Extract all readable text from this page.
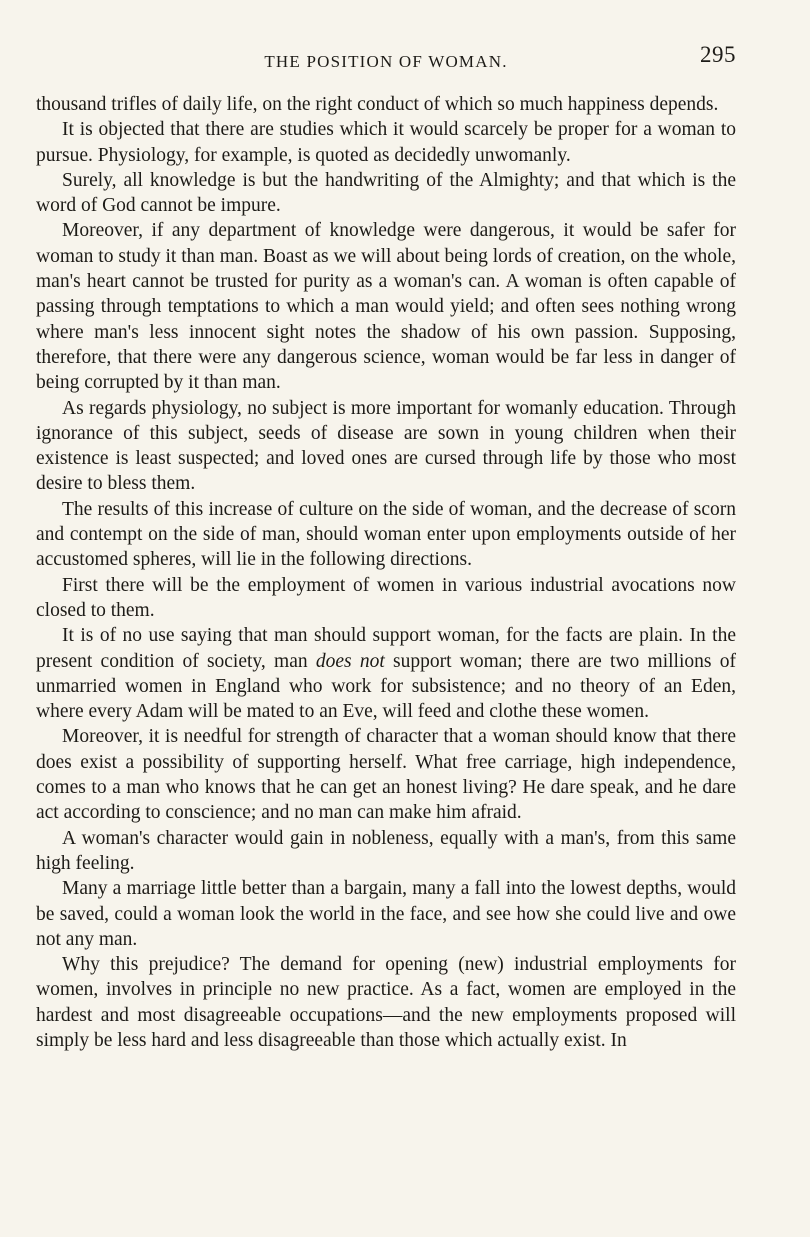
THE POSITION OF WOMAN.	295

thousand trifles of daily life, on the right conduct of which so much happiness depends.

It is objected that there are studies which it would scarcely be proper for a woman to pursue. Physiology, for example, is quoted as decidedly unwomanly.

Surely, all knowledge is but the handwriting of the Almighty; and that which is the word of God cannot be impure.

Moreover, if any department of knowledge were dangerous, it would be safer for woman to study it than man. Boast as we will about being lords of creation, on the whole, man's heart cannot be trusted for purity as a woman's can. A woman is often capable of passing through temptations to which a man would yield; and often sees nothing wrong where man's less innocent sight notes the shadow of his own passion. Supposing, therefore, that there were any dangerous science, woman would be far less in danger of being corrupted by it than man.

As regards physiology, no subject is more important for womanly education. Through ignorance of this subject, seeds of disease are sown in young children when their existence is least suspected; and loved ones are cursed through life by those who most desire to bless them.

The results of this increase of culture on the side of woman, and the decrease of scorn and contempt on the side of man, should woman enter upon employments outside of her accustomed spheres, will lie in the following directions.

First there will be the employment of women in various industrial avocations now closed to them.

It is of no use saying that man should support woman, for the facts are plain. In the present condition of society, man does not support woman; there are two millions of unmarried women in England who work for subsistence; and no theory of an Eden, where every Adam will be mated to an Eve, will feed and clothe these women.

Moreover, it is needful for strength of character that a woman should know that there does exist a possibility of supporting herself. What free carriage, high independence, comes to a man who knows that he can get an honest living? He dare speak, and he dare act according to conscience; and no man can make him afraid.

A woman's character would gain in nobleness, equally with a man's, from this same high feeling.

Many a marriage little better than a bargain, many a fall into the lowest depths, would be saved, could a woman look the world in the face, and see how she could live and owe not any man.

Why this prejudice? The demand for opening (new) industrial employments for women, involves in principle no new practice. As a fact, women are employed in the hardest and most disagreeable occupations—and the new employments proposed will simply be less hard and less disagreeable than those which actually exist. In
